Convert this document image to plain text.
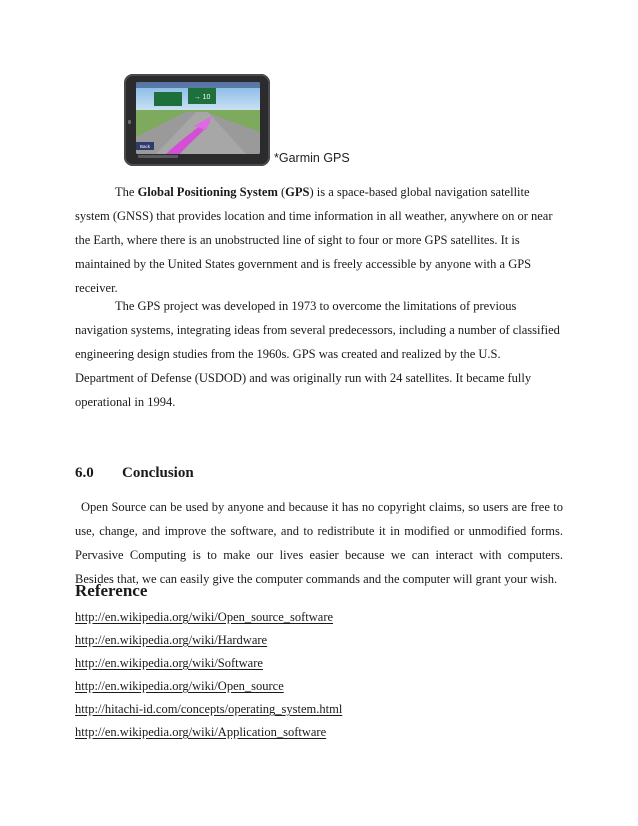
→ 10
Back
*Garmin GPS

The Global Positioning System (GPS) is a space-based global navigation satellite
system (GNSS) that provides location and time information in all weather, anywhere on or near
the Earth, where there is an unobstructed line of sight to four or more GPS satellites. It is
maintained by the United States government and is freely accessible by anyone with a GPS
receiver.

The GPS project was developed in 1973 to overcome the limitations of previous
navigation systems, integrating ideas from several predecessors, including a number of classified
engineering design studies from the 1960s. GPS was created and realized by the U.S.
Department of Defense (USDOD) and was originally run with 24 satellites. It became fully
operational in 1994.

6.0 Conclusion

Open Source can be used by anyone and because it has no copyright claims, so users are free to
use, change, and improve the software, and to redistribute it in modified or unmodified forms.
Pervasive Computing is to make our lives easier because we can interact with computers.
Besides that, we can easily give the computer commands and the computer will grant your wish.

Reference
http://en.wikipedia.org/wiki/Open_source_software
http://en.wikipedia.org/wiki/Hardware
http://en.wikipedia.org/wiki/Software
http://en.wikipedia.org/wiki/Open_source
http://hitachi-id.com/concepts/operating_system.html
http://en.wikipedia.org/wiki/Application_software
